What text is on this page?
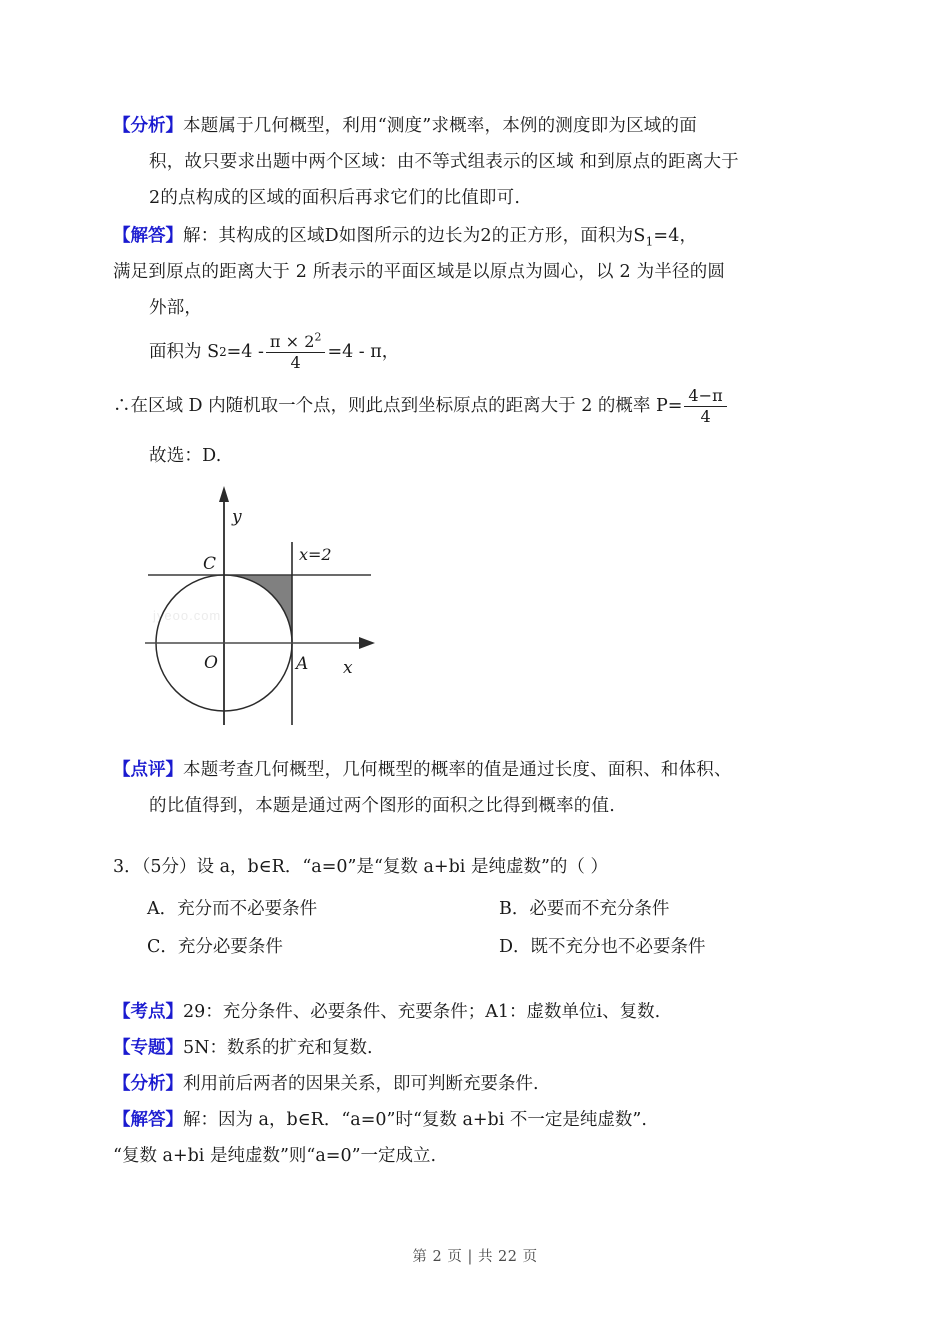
【分析】本题属于几何概型，利用“测度”求概率，本例的测度即为区域的面
积，故只要求出题中两个区域：由不等式组表示的区域 和到原点的距离大于
2的点构成的区域的面积后再求它们的比值即可.
【解答】解：其构成的区域D如图所示的边长为2的正方形，面积为$S_1=4$，
满足到原点的距离大于 2 所表示的平面区域是以原点为圆心，以 2 为半径的圆
外部，
面积为 S $2 =4 - \frac{\pi \times 2^2}{4} =4 - \pi$，
∴在区域 D 内随机取一个点，则此点到坐标原点的距离大于 2 的概率 $P= \frac{4-\pi}{4}$
故选：D.
jyeoo.com
y
x
O
C
A
x=2
【点评】本题考查几何概型，几何概型的概率的值是通过长度、面积、和体积、
的比值得到，本题是通过两个图形的面积之比得到概率的值.
3．（5分）设 a，b∈R．“a=0”是“复数 a+bi 是纯虚数”的（ ）
A．充分而不必要条件	B．必要而不充分条件
C．充分必要条件	D．既不充分也不必要条件
【考点】29：充分条件、必要条件、充要条件；A1：虚数单位i、复数.
【专题】5N：数系的扩充和复数.
【分析】利用前后两者的因果关系，即可判断充要条件.
【解答】解：因为 a，b∈R．“a=0”时“复数 a+bi 不一定是纯虚数”.
“复数 a+bi 是纯虚数”则“a=0”一定成立.
第 2 页 | 共 22 页
